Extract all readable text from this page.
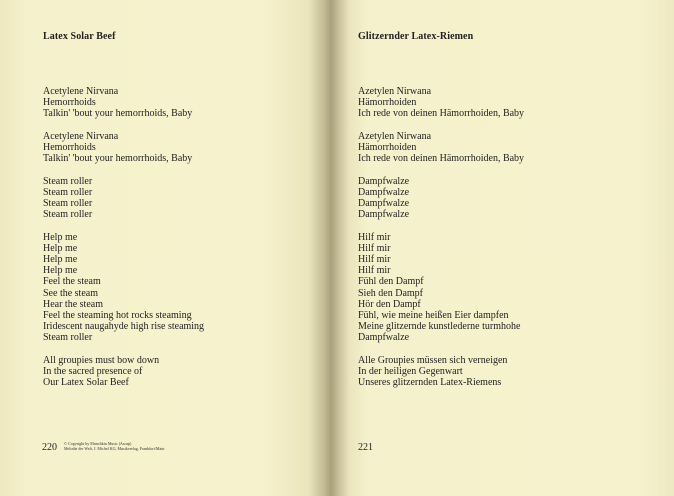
Latex Solar Beef
Acetylene Nirvana
Hemorrhoids
Talkin' 'bout your hemorrhoids, Baby
Acetylene Nirvana
Hemorrhoids
Talkin' 'bout your hemorrhoids, Baby
Steam roller
Steam roller
Steam roller
Steam roller
Help me
Help me
Help me
Help me
Feel the steam
See the steam
Hear the steam
Feel the steaming hot rocks steaming
Iridescent naugahyde high rise steaming
Steam roller
All groupies must bow down
In the sacred presence of
Our Latex Solar Beef
220 © Copyright by Munchkin Music (Ascap)
Melodie der Welt, J. Michel KG, Musikverlag, Frankfurt/Main
Glitzernder Latex-Riemen
Azetylen Nirwana
Hämorrhoiden
Ich rede von deinen Hämorrhoiden, Baby
Azetylen Nirwana
Hämorrhoiden
Ich rede von deinen Hämorrhoiden, Baby
Dampfwalze
Dampfwalze
Dampfwalze
Dampfwalze
Hilf mir
Hilf mir
Hilf mir
Hilf mir
Fühl den Dampf
Sieh den Dampf
Hör den Dampf
Fühl, wie meine heißen Eier dampfen
Meine glitzernde kunstlederne turmhohe
Dampfwalze
Alle Groupies müssen sich verneigen
In der heiligen Gegenwart
Unseres glitzernden Latex-Riemens
221
